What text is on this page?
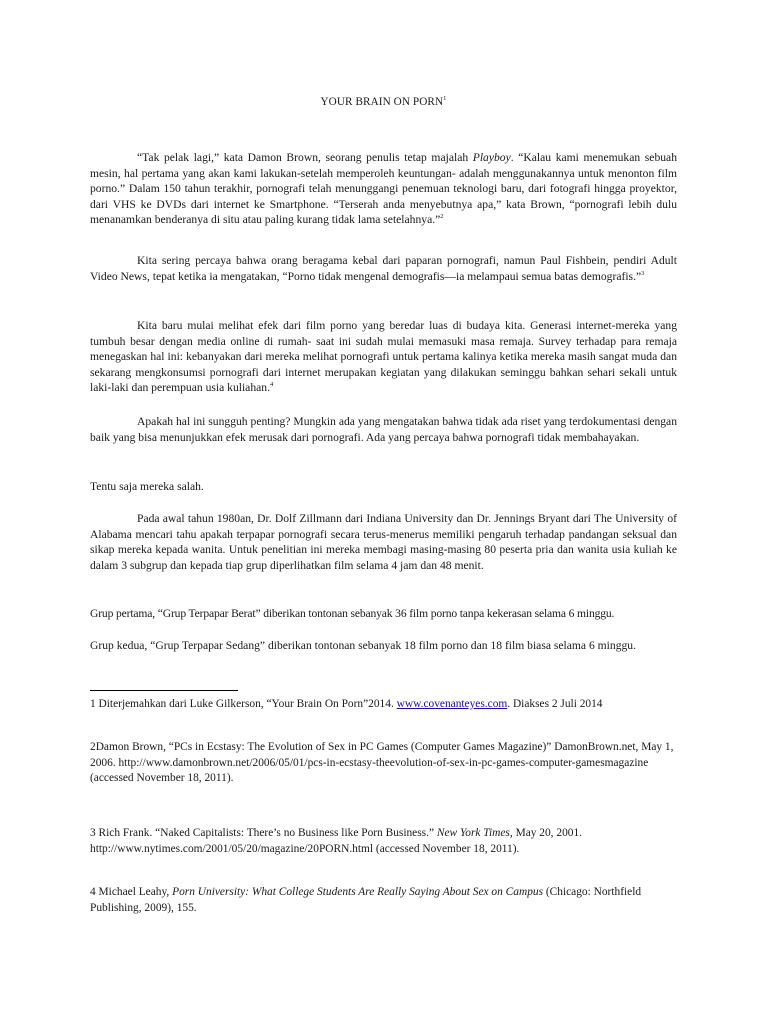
YOUR BRAIN ON PORN$^1$
“Tak pelak lagi,” kata Damon Brown, seorang penulis tetap majalah Playboy. “Kalau kami menemukan sebuah mesin, hal pertama yang akan kami lakukan-setelah memperoleh keuntungan- adalah menggunakannya untuk menonton film porno.” Dalam 150 tahun terakhir, pornografi telah menunggangi penemuan teknologi baru, dari fotografi hingga proyektor, dari VHS ke DVDs dari internet ke Smartphone. “Terserah anda menyebutnya apa,” kata Brown, “pornografi lebih dulu menanamkan benderanya di situ atau paling kurang tidak lama setelahnya.”$^2$
Kita sering percaya bahwa orang beragama kebal dari paparan pornografi, namun Paul Fishbein, pendiri Adult Video News, tepat ketika ia mengatakan, “Porno tidak mengenal demografis—ia melampaui semua batas demografis.”$^3$
Kita baru mulai melihat efek dari film porno yang beredar luas di budaya kita. Generasi internet-mereka yang tumbuh besar dengan media online di rumah- saat ini sudah mulai memasuki masa remaja. Survey terhadap para remaja menegaskan hal ini: kebanyakan dari mereka melihat pornografi untuk pertama kalinya ketika mereka masih sangat muda dan sekarang mengkonsumsi pornografi dari internet merupakan kegiatan yang dilakukan seminggu bahkan sehari sekali untuk laki-laki dan perempuan usia kuliahan.$^4$
Apakah hal ini sungguh penting? Mungkin ada yang mengatakan bahwa tidak ada riset yang terdokumentasi dengan baik yang bisa menunjukkan efek merusak dari pornografi. Ada yang percaya bahwa pornografi tidak membahayakan.
Tentu saja mereka salah.
Pada awal tahun 1980an, Dr. Dolf Zillmann dari Indiana University dan Dr. Jennings Bryant dari The University of Alabama mencari tahu apakah terpapar pornografi secara terus-menerus memiliki pengaruh terhadap pandangan seksual dan sikap mereka kepada wanita. Untuk penelitian ini mereka membagi masing-masing 80 peserta pria dan wanita usia kuliah ke dalam 3 subgrup dan kepada tiap grup diperlihatkan film selama 4 jam dan 48 menit.
Grup pertama, “Grup Terpapar Berat” diberikan tontonan sebanyak 36 film porno tanpa kekerasan selama 6 minggu.
Grup kedua, “Grup Terpapar Sedang” diberikan tontonan sebanyak 18 film porno dan 18 film biasa selama 6 minggu.
1 Diterjemahkan dari Luke Gilkerson, “Your Brain On Porn”2014. www.covenanteyes.com. Diakses 2 Juli 2014
2Damon Brown, “PCs in Ecstasy: The Evolution of Sex in PC Games (Computer Games Magazine)” DamonBrown.net, May 1, 2006. http://www.damonbrown.net/2006/05/01/pcs-in-ecstasy-theevolution-of-sex-in-pc-games-computer-gamesmagazine (accessed November 18, 2011).
3 Rich Frank. “Naked Capitalists: There’s no Business like Porn Business.” New York Times, May 20, 2001. http://www.nytimes.com/2001/05/20/magazine/20PORN.html (accessed November 18, 2011).
4 Michael Leahy, Porn University: What College Students Are Really Saying About Sex on Campus (Chicago: Northfield Publishing, 2009), 155.
